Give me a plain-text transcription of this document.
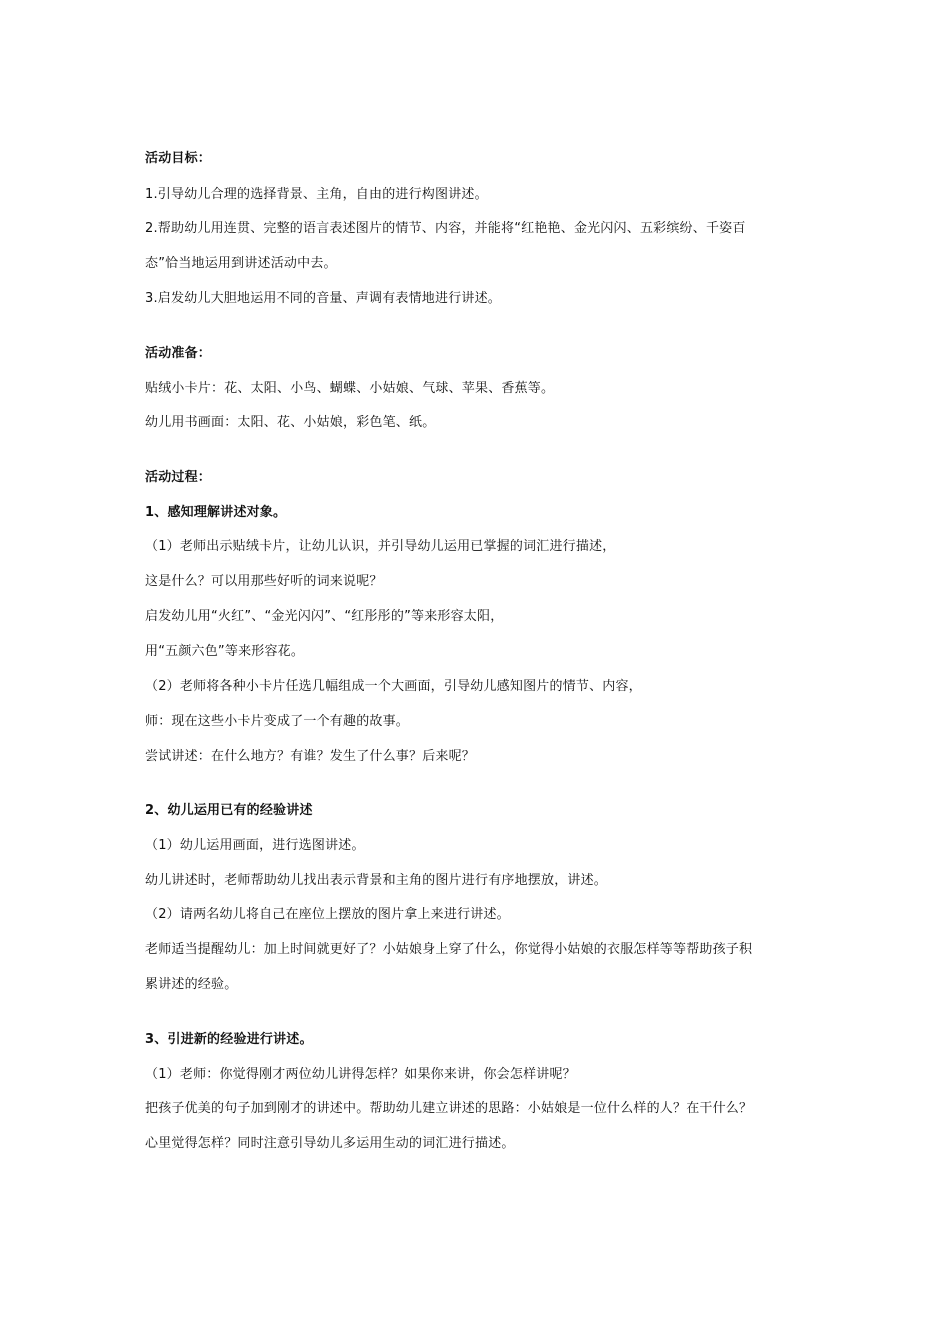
活动目标：
1.引导幼儿合理的选择背景、主角，自由的进行构图讲述。
2.帮助幼儿用连贯、完整的语言表述图片的情节、内容，并能将“红艳艳、金光闪闪、五彩缤纷、千姿百
态”恰当地运用到讲述活动中去。
3.启发幼儿大胆地运用不同的音量、声调有表情地进行讲述。
活动准备：
贴绒小卡片：花、太阳、小鸟、蝴蝶、小姑娘、气球、苹果、香蕉等。
幼儿用书画面：太阳、花、小姑娘，彩色笔、纸。
活动过程：
1、感知理解讲述对象。
（1）老师出示贴绒卡片，让幼儿认识，并引导幼儿运用已掌握的词汇进行描述，
这是什么？可以用那些好听的词来说呢？
启发幼儿用“火红”、“金光闪闪”、“红彤彤的”等来形容太阳，
用“五颜六色”等来形容花。
（2）老师将各种小卡片任选几幅组成一个大画面，引导幼儿感知图片的情节、内容，
师：现在这些小卡片变成了一个有趣的故事。
尝试讲述：在什么地方？有谁？发生了什么事？后来呢？
2、幼儿运用已有的经验讲述
（1）幼儿运用画面，进行选图讲述。
幼儿讲述时，老师帮助幼儿找出表示背景和主角的图片进行有序地摆放，讲述。
（2）请两名幼儿将自己在座位上摆放的图片拿上来进行讲述。
老师适当提醒幼儿：加上时间就更好了？小姑娘身上穿了什么，你觉得小姑娘的衣服怎样等等帮助孩子积
累讲述的经验。
3、引进新的经验进行讲述。
（1）老师：你觉得刚才两位幼儿讲得怎样？如果你来讲，你会怎样讲呢？
把孩子优美的句子加到刚才的讲述中。帮助幼儿建立讲述的思路：小姑娘是一位什么样的人？在干什么？
心里觉得怎样？同时注意引导幼儿多运用生动的词汇进行描述。
